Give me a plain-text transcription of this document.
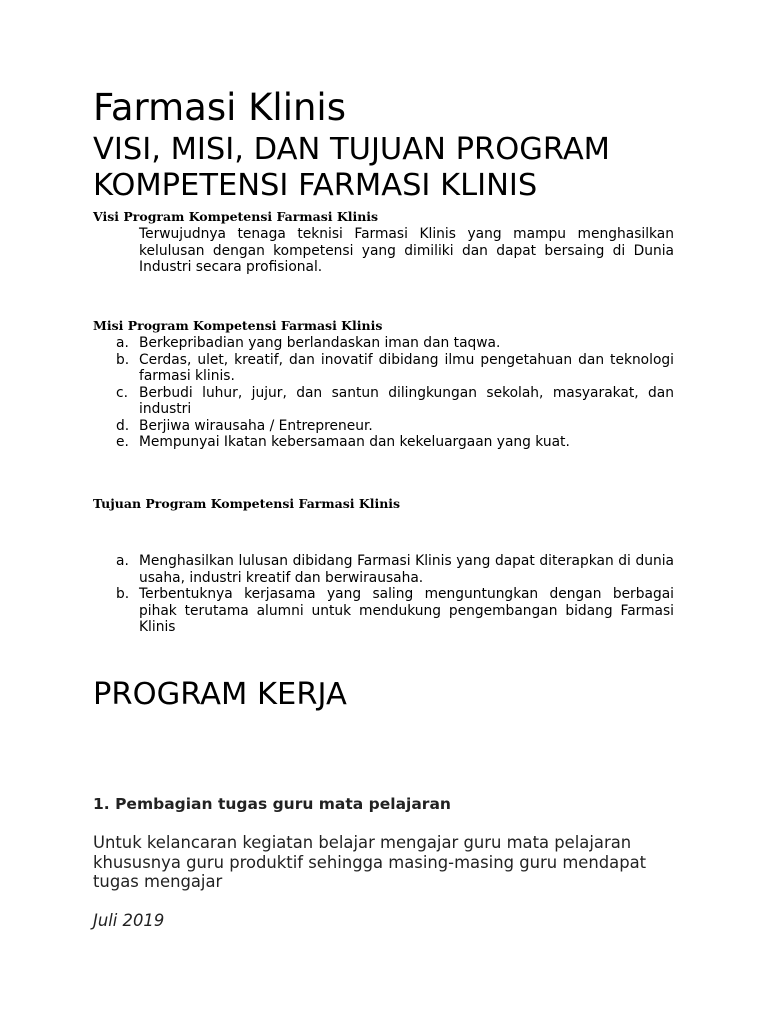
Farmasi Klinis
VISI, MISI, DAN TUJUAN PROGRAM KOMPETENSI FARMASI KLINIS

Visi Program Kompetensi Farmasi Klinis

Terwujudnya tenaga teknisi Farmasi Klinis yang mampu menghasilkan kelulusan dengan kompetensi yang dimiliki dan dapat bersaing di Dunia Industri secara profisional.

Misi Program Kompetensi Farmasi Klinis

a. Berkepribadian yang berlandaskan iman dan taqwa.
b. Cerdas, ulet, kreatif, dan inovatif dibidang ilmu pengetahuan dan teknologi farmasi klinis.
c. Berbudi luhur, jujur, dan santun dilingkungan sekolah, masyarakat, dan industri
d. Berjiwa wirausaha / Entrepreneur.
e. Mempunyai Ikatan kebersamaan dan kekeluargaan yang kuat.

Tujuan Program Kompetensi Farmasi Klinis

a. Menghasilkan lulusan dibidang Farmasi Klinis yang dapat diterapkan di dunia usaha, industri kreatif dan berwirausaha.
b. Terbentuknya kerjasama yang saling menguntungkan dengan berbagai pihak terutama alumni untuk mendukung pengembangan bidang Farmasi Klinis
PROGRAM KERJA
1. Pembagian tugas guru mata pelajaran

Untuk kelancaran kegiatan belajar mengajar guru mata pelajaran khususnya guru produktif sehingga masing-masing guru mendapat tugas mengajar

Juli 2019
